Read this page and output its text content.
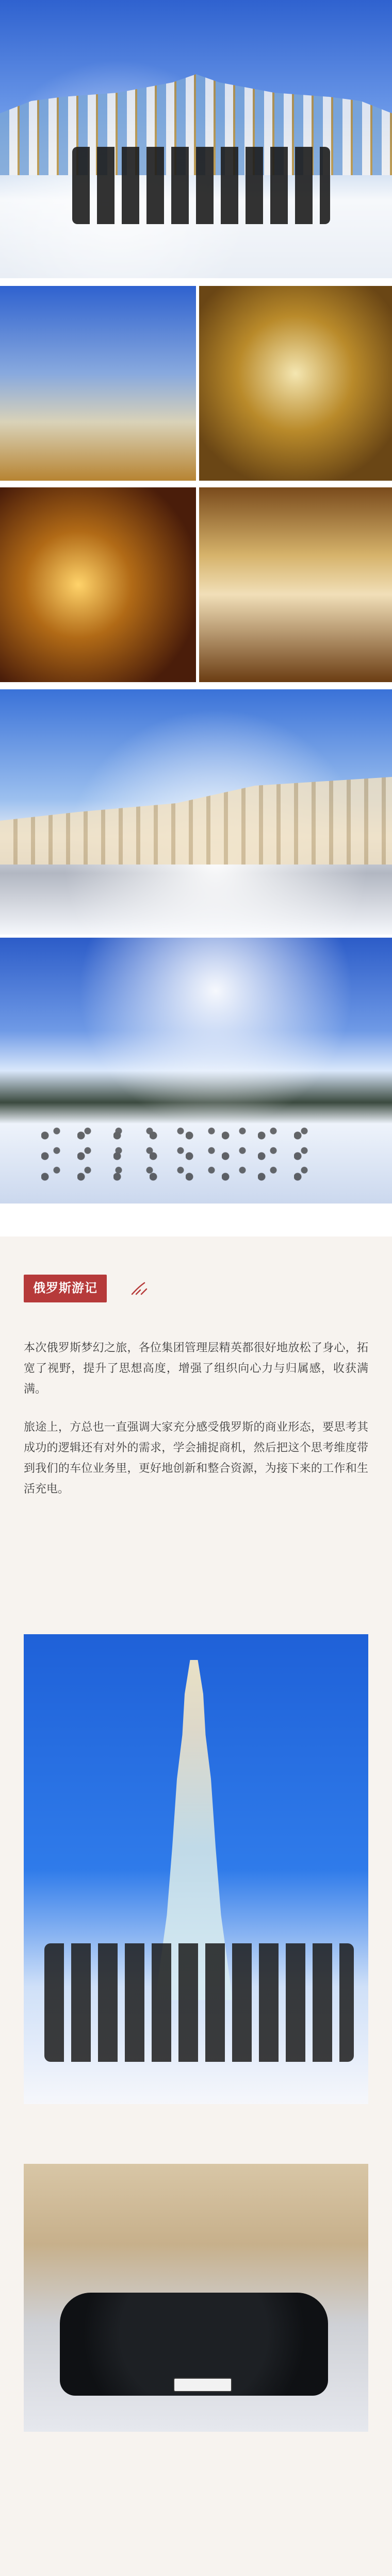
俄罗斯游记
本次俄罗斯梦幻之旅，各位集团管理层精英都很好地放松了身心，拓宽了视野，提升了思想高度，增强了组织向心力与归属感，收获满满。
旅途上，方总也一直强调大家充分感受俄罗斯的商业形态，要思考其成功的逻辑还有对外的需求，学会捕捉商机，然后把这个思考维度带到我们的车位业务里，更好地创新和整合资源，为接下来的工作和生活充电。
